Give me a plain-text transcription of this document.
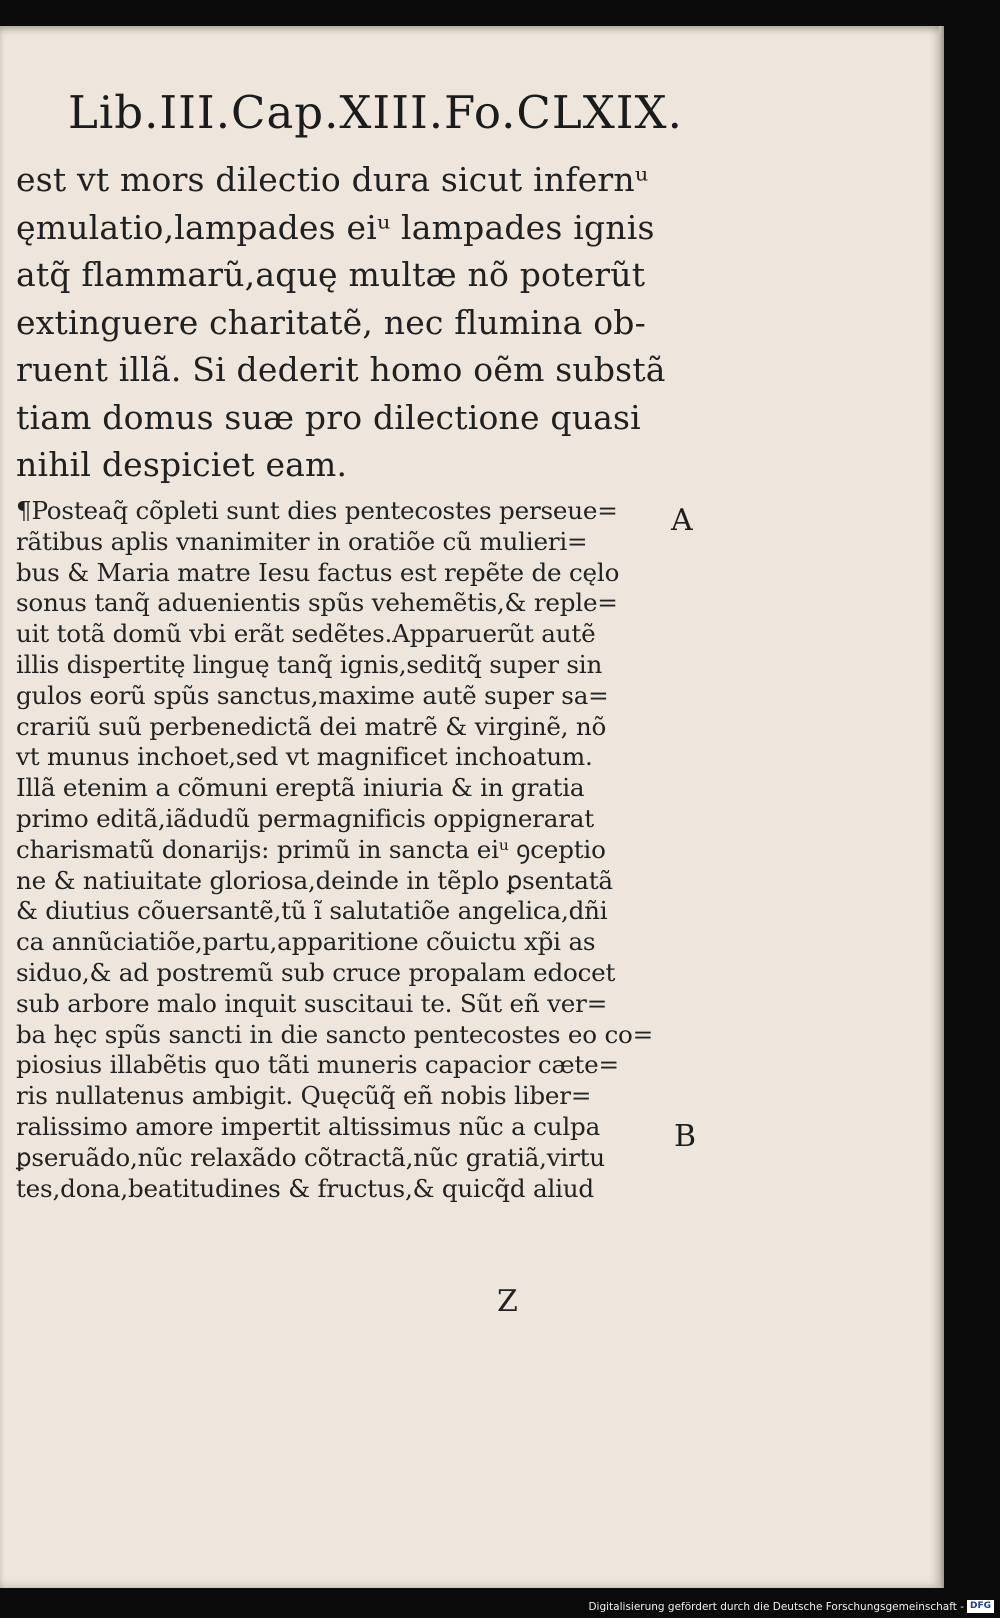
Lib.III.Cap.XIII.Fo.CLXIX.
est vt mors dilectio dura sicut infernᵘ
ęmulatio,lampades eiᵘ lampades ignis
atq̃ flammarũ,aquę multæ nõ poterũt
extinguere charitatẽ, nec flumina ob‑
ruent illã. Si dederit homo oẽm substã
tiam domus suæ pro dilectione quasi
nihil despiciet eam.
¶Posteaq̃ cõpleti sunt dies pentecostes perseue=
rãtibus aplis vnanimiter in oratiõe cũ mulieri=
bus & Maria matre Iesu factus est repẽte de cęlo
sonus tanq̃ aduenientis spũs vehemẽtis,& reple=
uit totã domũ vbi erãt sedẽtes.Apparuerũt autẽ
illis dispertitę linguę tanq̃ ignis,seditq̃ super sin
gulos eorũ spũs sanctus,maxime autẽ super sa=
crariũ suũ perbenedictã dei matrẽ & virginẽ, nõ
vt munus inchoet,sed vt magnificet inchoatum.
Illã etenim a cõmuni ereptã iniuria & in gratia
primo editã,iãdudũ permagnificis oppignerarat
charismatũ donarijs: primũ in sancta eiᵘ ꝯceptio
ne & natiuitate gloriosa,deinde in tẽplo ꝑsentatã
& diutius cõuersantẽ,tũ ĩ salutatiõe angelica,dñi
ca annũciatiõe,partu,apparitione cõuictu xp̃i as
siduo,& ad postremũ sub cruce propalam edocet
sub arbore malo inquit suscitaui te. Sũt eñ ver=
ba hęc spũs sancti in die sancto pentecostes eo co=
piosius illabẽtis quo tãti muneris capacior cæte=
ris nullatenus ambigit. Quęcũq̃ eñ nobis liber=
ralissimo amore impertit altissimus nũc a culpa
ꝑseruãdo,nũc relaxãdo cõtractã,nũc gratiã,virtu
tes,dona,beatitudines & fructus,& quicq̃d aliud
A
B
Z
Digitalisierung gefördert durch die Deutsche Forschungsgemeinschaft - DFG
